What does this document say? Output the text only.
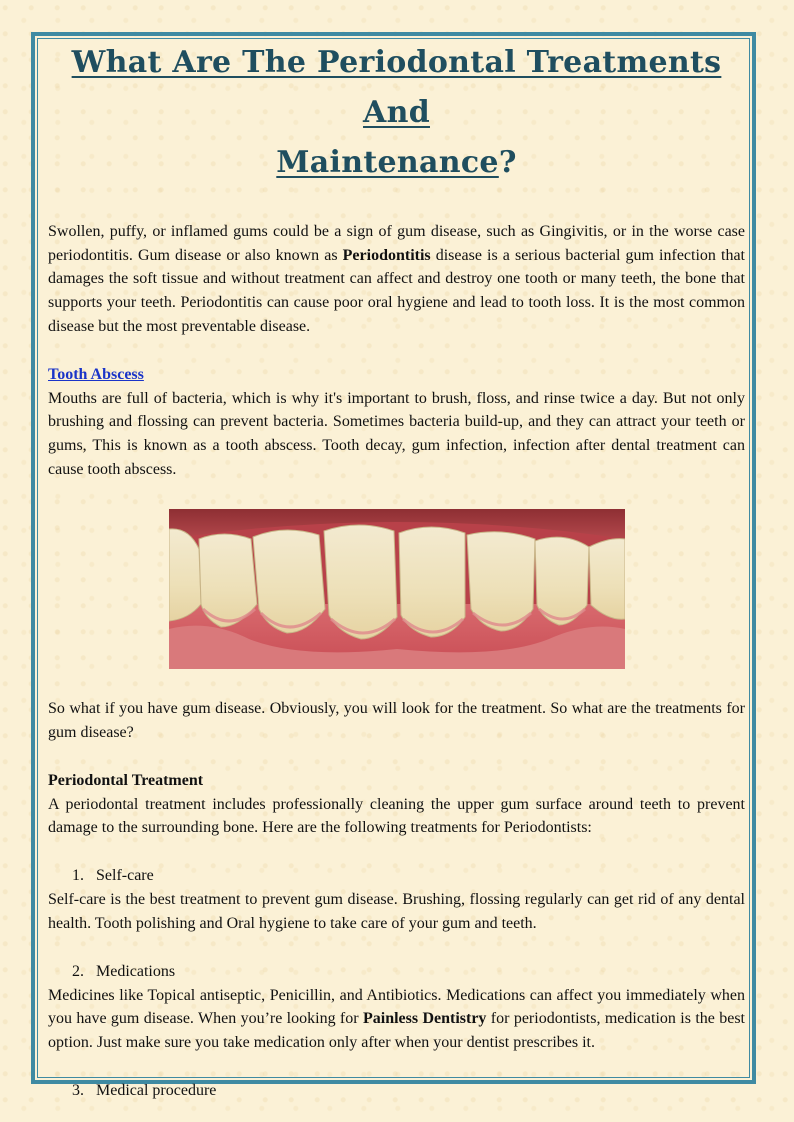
What Are The Periodontal Treatments And
Maintenance?

Swollen, puffy, or inflamed gums could be a sign of gum disease, such as Gingivitis, or in the worse case periodontitis. Gum disease or also known as Periodontitis disease is a serious bacterial gum infection that damages the soft tissue and without treatment can affect and destroy one tooth or many teeth, the bone that supports your teeth. Periodontitis can cause poor oral hygiene and lead to tooth loss. It is the most common disease but the most preventable disease.

Tooth Abscess

Mouths are full of bacteria, which is why it's important to brush, floss, and rinse twice a day. But not only brushing and flossing can prevent bacteria. Sometimes bacteria build-up, and they can attract your teeth or gums, This is known as a tooth abscess. Tooth decay, gum infection, infection after dental treatment can cause tooth abscess.

So what if you have gum disease. Obviously, you will look for the treatment. So what are the treatments for gum disease?

Periodontal Treatment

A periodontal treatment includes professionally cleaning the upper gum surface around teeth to prevent damage to the surrounding bone. Here are the following treatments for Periodontists:

1. Self-care

Self-care is the best treatment to prevent gum disease. Brushing, flossing regularly can get rid of any dental health. Tooth polishing and Oral hygiene to take care of your gum and teeth.

2. Medications

Medicines like Topical antiseptic, Penicillin, and Antibiotics. Medications can affect you immediately when you have gum disease. When you’re looking for Painless Dentistry for periodontists, medication is the best option. Just make sure you take medication only after when your dentist prescribes it.

3. Medical procedure
